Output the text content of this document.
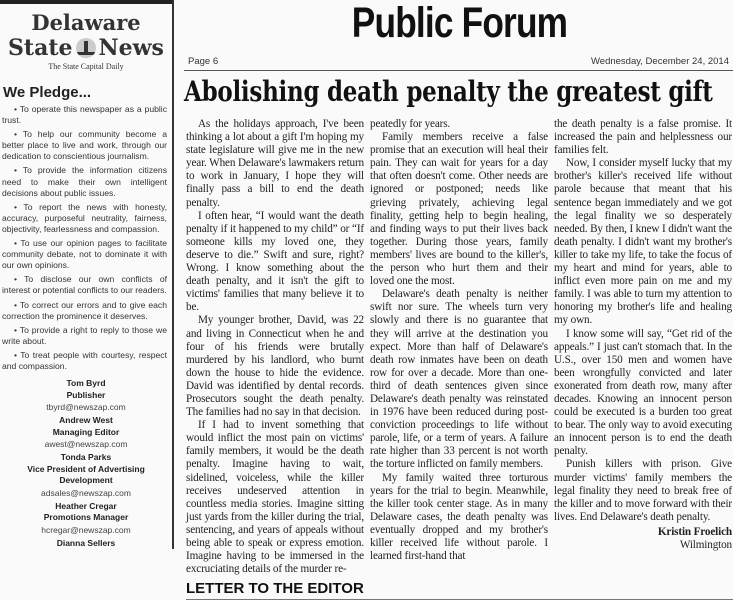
Delaware
State News
The State Capital Daily
We Pledge...
• To operate this newspaper as a public trust.
• To help our community become a better place to live and work, through our dedication to conscientious journalism.
• To provide the information citizens need to make their own intelligent decisions about public issues.
• To report the news with honesty, accuracy, purposeful neutrality, fairness, objectivity, fearlessness and compassion.
• To use our opinion pages to facilitate community debate, not to dominate it with our own opinions.
• To disclose our own conflicts of interest or potential conflicts to our readers.
• To correct our errors and to give each correction the prominence it deserves.
• To provide a right to reply to those we write about.
• To treat people with courtesy, respect and compassion.
Tom Byrd
Publisher
tbyrd@newszap.com
Andrew West
Managing Editor
awest@newszap.com
Tonda Parks
Vice President of Advertising Development
adsales@newszap.com
Heather Cregar
Promotions Manager
hcregar@newszap.com
Dianna Sellers
Public Forum
Page 6	Wednesday, December 24, 2014
Abolishing death penalty the greatest gift

As the holidays approach, I've been thinking a lot about a gift I'm hoping my state legislature will give me in the new year. When Delaware's lawmakers return to work in January, I hope they will finally pass a bill to end the death penalty.

I often hear, “I would want the death penalty if it happened to my child” or “If someone kills my loved one, they deserve to die.” Swift and sure, right? Wrong. I know something about the death penalty, and it isn't the gift to victims' families that many believe it to be.

My younger brother, David, was 22 and living in Connecticut when he and four of his friends were brutally murdered by his landlord, who burnt down the house to hide the evidence. David was identified by dental records. Prosecutors sought the death penalty. The families had no say in that decision.

If I had to invent something that would inflict the most pain on victims' family members, it would be the death penalty. Imagine having to wait, sidelined, voiceless, while the killer receives undeserved attention in countless media stories. Imagine sitting just yards from the killer during the trial, sentencing, and years of appeals without being able to speak or express emotion. Imagine having to be immersed in the excruciating details of the murder re-

peatedly for years.

Family members receive a false promise that an execution will heal their pain. They can wait for years for a day that often doesn't come. Other needs are ignored or postponed; needs like grieving privately, achieving legal finality, getting help to begin healing, and finding ways to put their lives back together. During those years, family members' lives are bound to the killer's, the person who hurt them and their loved one the most.

Delaware's death penalty is neither swift nor sure. The wheels turn very slowly and there is no guarantee that they will arrive at the destination you expect. More than half of Delaware's death row inmates have been on death row for over a decade. More than one-third of death sentences given since Delaware's death penalty was reinstated in 1976 have been reduced during post-conviction proceedings to life without parole, life, or a term of years. A failure rate higher than 33 percent is not worth the torture inflicted on family members.

My family waited three torturous years for the trial to begin. Meanwhile, the killer took center stage. As in many Delaware cases, the death penalty was eventually dropped and my brother's killer received life without parole. I learned first-hand that

the death penalty is a false promise. It increased the pain and helplessness our families felt.

Now, I consider myself lucky that my brother's killer's received life without parole because that meant that his sentence began immediately and we got the legal finality we so desperately needed. By then, I knew I didn't want the death penalty. I didn't want my brother's killer to take my life, to take the focus of my heart and mind for years, able to inflict even more pain on me and my family. I was able to turn my attention to honoring my brother's life and healing my own.

I know some will say, “Get rid of the appeals.” I just can't stomach that. In the U.S., over 150 men and women have been wrongfully convicted and later exonerated from death row, many after decades. Knowing an innocent person could be executed is a burden too great to bear. The only way to avoid executing an innocent person is to end the death penalty.

Punish killers with prison. Give murder victims' family members the legal finality they need to break free of the killer and to move forward with their lives. End Delaware's death penalty.

Kristin Froelich
Wilmington
LETTER TO THE EDITOR
